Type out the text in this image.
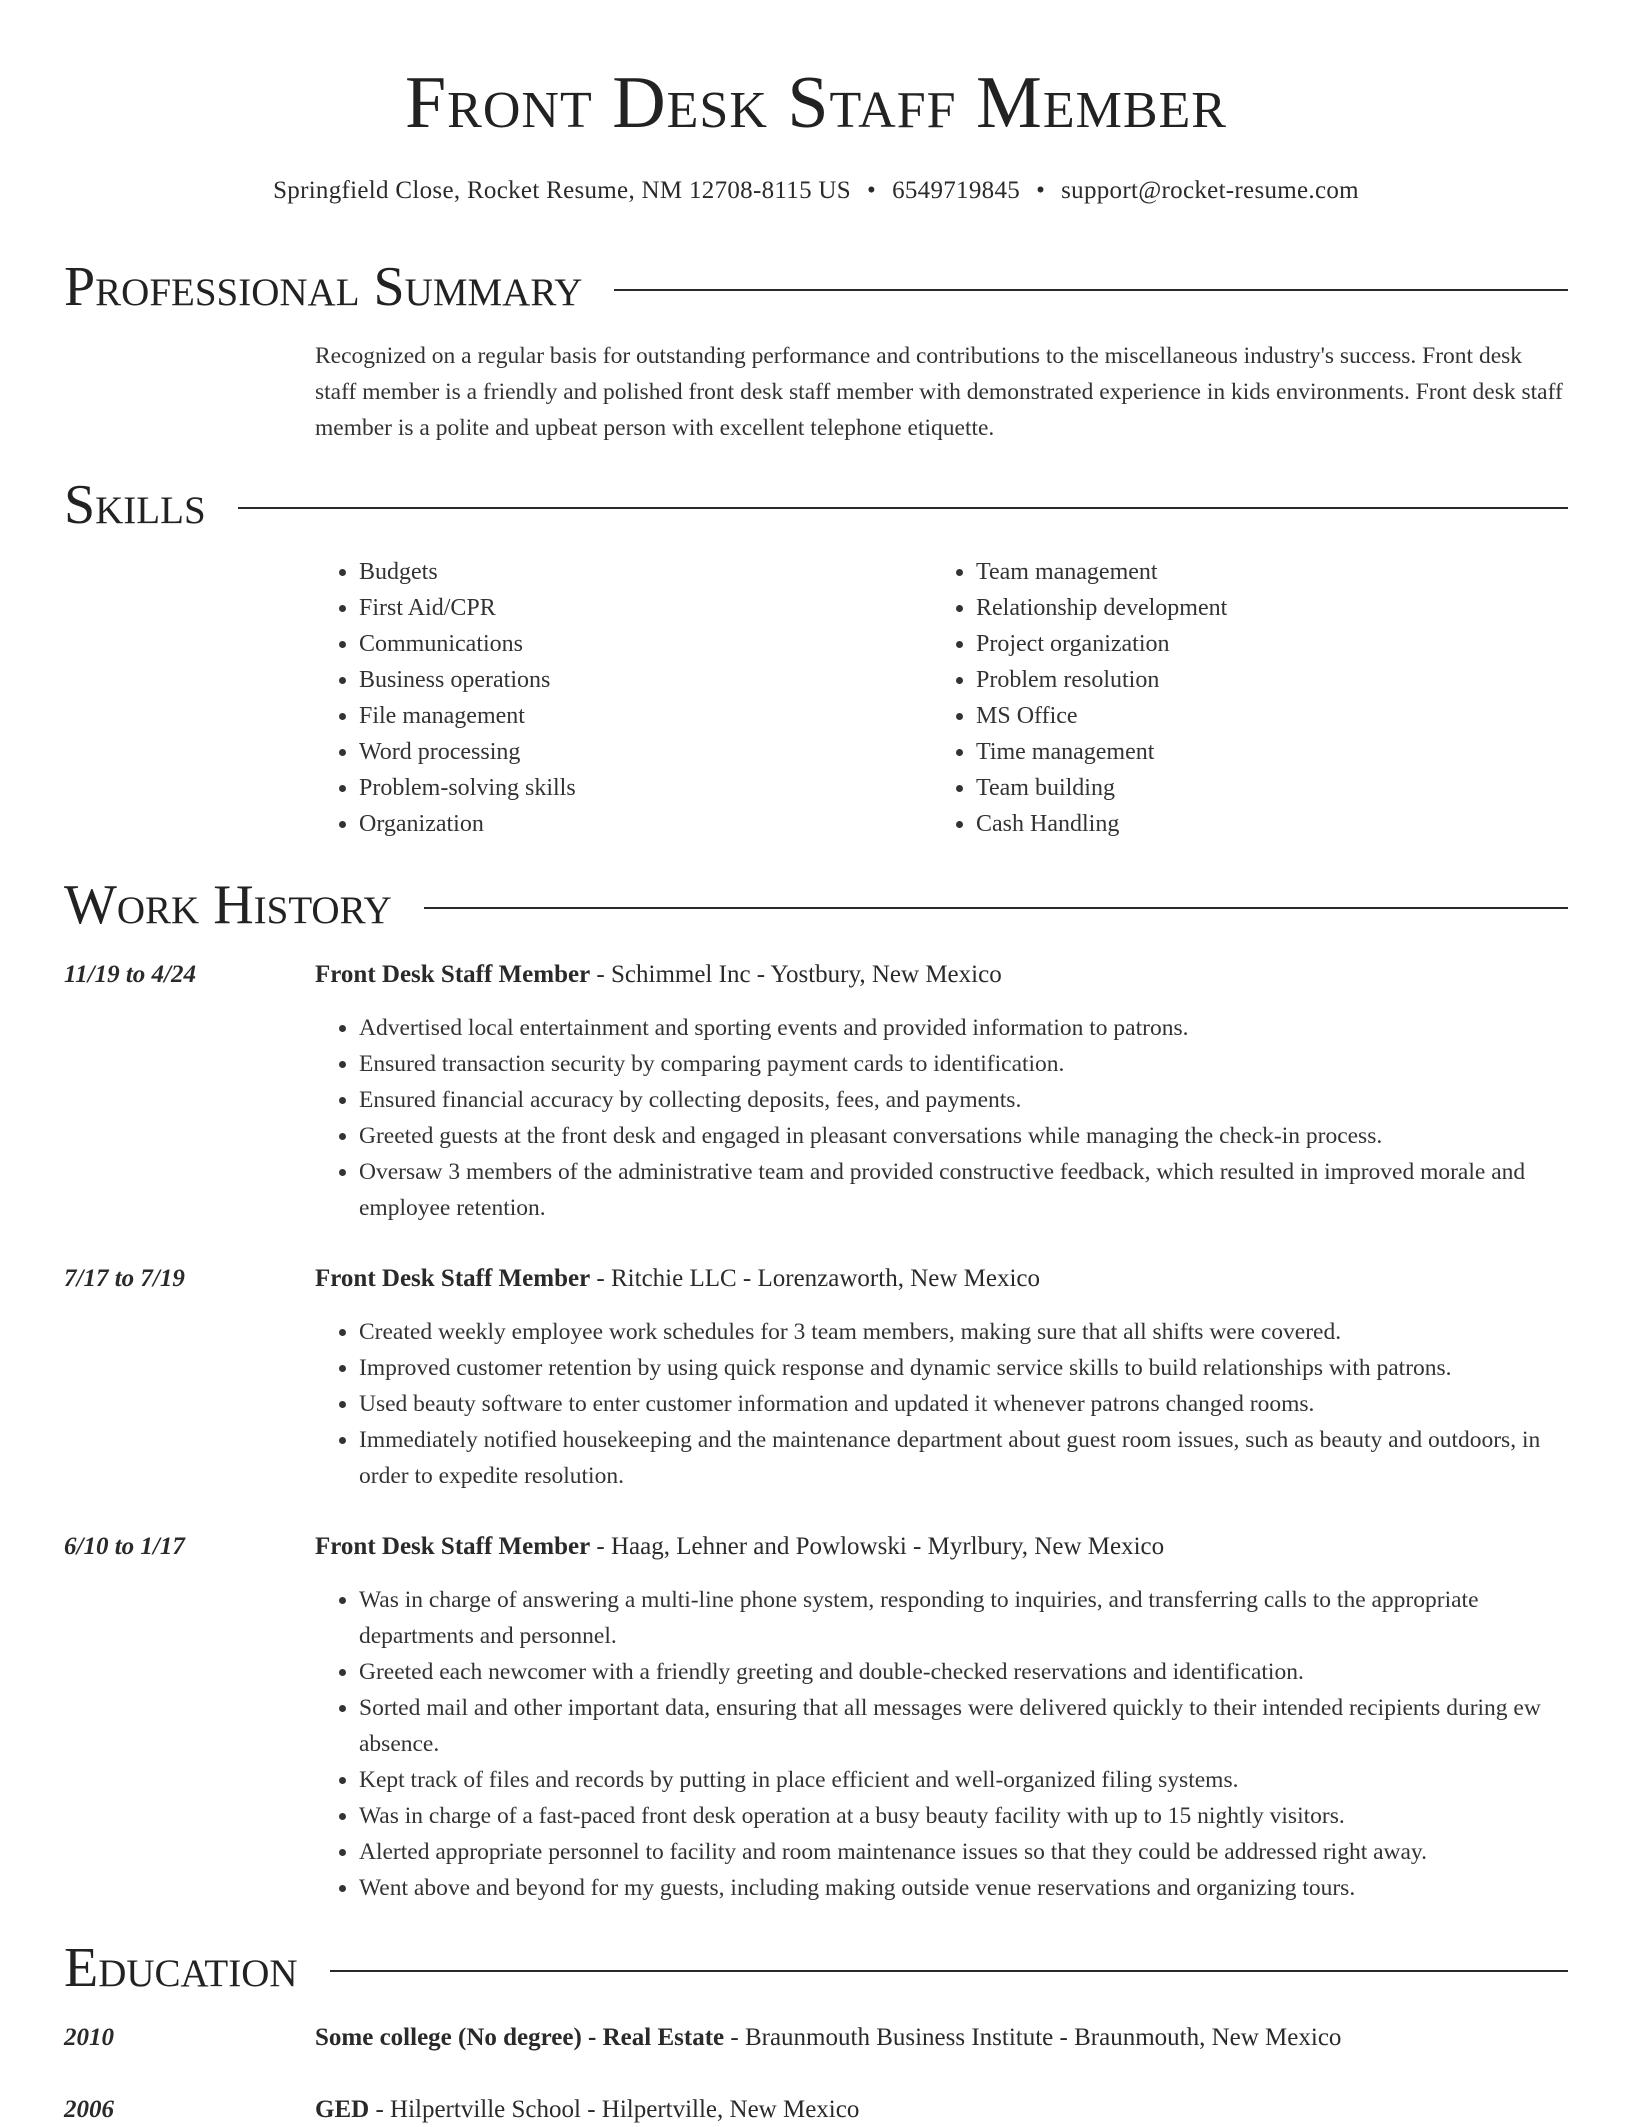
Front Desk Staff Member
Springfield Close, Rocket Resume, NM 12708-8115 US • 6549719845 • support@rocket-resume.com
Professional Summary
Recognized on a regular basis for outstanding performance and contributions to the miscellaneous industry's success. Front desk staff member is a friendly and polished front desk staff member with demonstrated experience in kids environments. Front desk staff member is a polite and upbeat person with excellent telephone etiquette.
Skills
• Budgets
• First Aid/CPR
• Communications
• Business operations
• File management
• Word processing
• Problem-solving skills
• Organization
• Team management
• Relationship development
• Project organization
• Problem resolution
• MS Office
• Time management
• Team building
• Cash Handling
Work History
11/19 to 4/24	Front Desk Staff Member - Schimmel Inc - Yostbury, New Mexico
• Advertised local entertainment and sporting events and provided information to patrons.
• Ensured transaction security by comparing payment cards to identification.
• Ensured financial accuracy by collecting deposits, fees, and payments.
• Greeted guests at the front desk and engaged in pleasant conversations while managing the check-in process.
• Oversaw 3 members of the administrative team and provided constructive feedback, which resulted in improved morale and employee retention.
7/17 to 7/19	Front Desk Staff Member - Ritchie LLC - Lorenzaworth, New Mexico
• Created weekly employee work schedules for 3 team members, making sure that all shifts were covered.
• Improved customer retention by using quick response and dynamic service skills to build relationships with patrons.
• Used beauty software to enter customer information and updated it whenever patrons changed rooms.
• Immediately notified housekeeping and the maintenance department about guest room issues, such as beauty and outdoors, in order to expedite resolution.
6/10 to 1/17	Front Desk Staff Member - Haag, Lehner and Powlowski - Myrlbury, New Mexico
• Was in charge of answering a multi-line phone system, responding to inquiries, and transferring calls to the appropriate departments and personnel.
• Greeted each newcomer with a friendly greeting and double-checked reservations and identification.
• Sorted mail and other important data, ensuring that all messages were delivered quickly to their intended recipients during ew absence.
• Kept track of files and records by putting in place efficient and well-organized filing systems.
• Was in charge of a fast-paced front desk operation at a busy beauty facility with up to 15 nightly visitors.
• Alerted appropriate personnel to facility and room maintenance issues so that they could be addressed right away.
• Went above and beyond for my guests, including making outside venue reservations and organizing tours.
Education
2010	Some college (No degree) - Real Estate - Braunmouth Business Institute - Braunmouth, New Mexico
2006	GED - Hilpertville School - Hilpertville, New Mexico
